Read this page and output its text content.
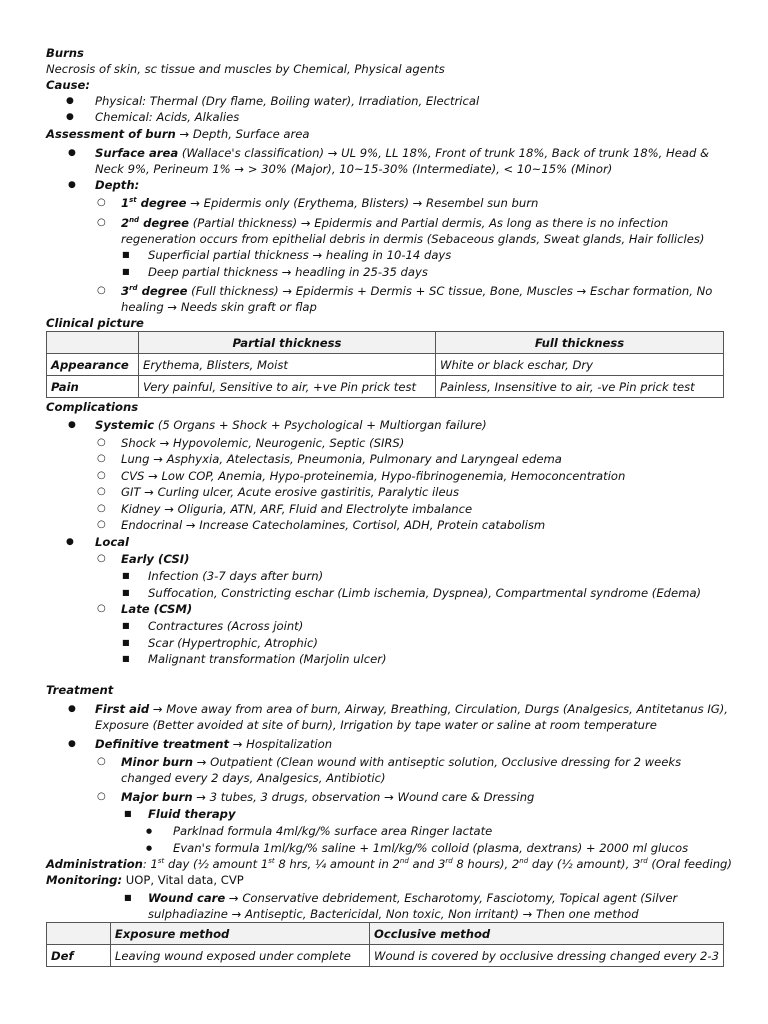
Burns
Necrosis of skin, sc tissue and muscles by Chemical, Physical agents
Cause:
● Physical: Thermal (Dry flame, Boiling water), Irradiation, Electrical
● Chemical: Acids, Alkalies
Assessment of burn → Depth, Surface area
● Surface area (Wallace's classification) → UL 9%, LL 18%, Front of trunk 18%, Back of trunk 18%, Head &
Neck 9%, Perineum 1% → > 30% (Major), 10~15-30% (Intermediate), < 10~15% (Minor)
● Depth:
○ 1st degree → Epidermis only (Erythema, Blisters) → Resembel sun burn
○ 2nd degree (Partial thickness) → Epidermis and Partial dermis, As long as there is no infection
regeneration occurs from epithelial debris in dermis (Sebaceous glands, Sweat glands, Hair follicles)
■ Superficial partial thickness → healing in 10-14 days
■ Deep partial thickness → headling in 25-35 days
○ 3rd degree (Full thickness) → Epidermis + Dermis + SC tissue, Bone, Muscles → Eschar formation, No
healing → Needs skin graft or flap
Clinical picture
	Partial thickness	Full thickness
Appearance	Erythema, Blisters, Moist	White or black eschar, Dry
Pain	Very painful, Sensitive to air, +ve Pin prick test	Painless, Insensitive to air, -ve Pin prick test
Complications
● Systemic (5 Organs + Shock + Psychological + Multiorgan failure)
○ Shock → Hypovolemic, Neurogenic, Septic (SIRS)
○ Lung → Asphyxia, Atelectasis, Pneumonia, Pulmonary and Laryngeal edema
○ CVS → Low COP, Anemia, Hypo-proteinemia, Hypo-fibrinogenemia, Hemoconcentration
○ GIT → Curling ulcer, Acute erosive gastiritis, Paralytic ileus
○ Kidney → Oliguria, ATN, ARF, Fluid and Electrolyte imbalance
○ Endocrinal → Increase Catecholamines, Cortisol, ADH, Protein catabolism
● Local
○ Early (CSI)
■ Infection (3-7 days after burn)
■ Suffocation, Constricting eschar (Limb ischemia, Dyspnea), Compartmental syndrome (Edema)
○ Late (CSM)
■ Contractures (Across joint)
■ Scar (Hypertrophic, Atrophic)
■ Malignant transformation (Marjolin ulcer)
Treatment
● First aid → Move away from area of burn, Airway, Breathing, Circulation, Durgs (Analgesics, Antitetanus IG),
Exposure (Better avoided at site of burn), Irrigation by tape water or saline at room temperature
● Definitive treatment → Hospitalization
○ Minor burn → Outpatient (Clean wound with antiseptic solution, Occlusive dressing for 2 weeks
changed every 2 days, Analgesics, Antibiotic)
○ Major burn → 3 tubes, 3 drugs, observation → Wound care & Dressing
■ Fluid therapy
● Parklnad formula 4ml/kg/% surface area Ringer lactate
● Evan's formula 1ml/kg/% saline + 1ml/kg/% colloid (plasma, dextrans) + 2000 ml glucos
Administration: 1st day (½ amount 1st 8 hrs, ¼ amount in 2nd and 3rd 8 hours), 2nd day (½ amount), 3rd (Oral feeding)
Monitoring: UOP, Vital data, CVP
■ Wound care → Conservative debridement, Escharotomy, Fasciotomy, Topical agent (Silver
sulphadiazine → Antiseptic, Bactericidal, Non toxic, Non irritant) → Then one method
	Exposure method	Occlusive method
Def	Leaving wound exposed under complete	Wound is covered by occlusive dressing changed every 2-3
